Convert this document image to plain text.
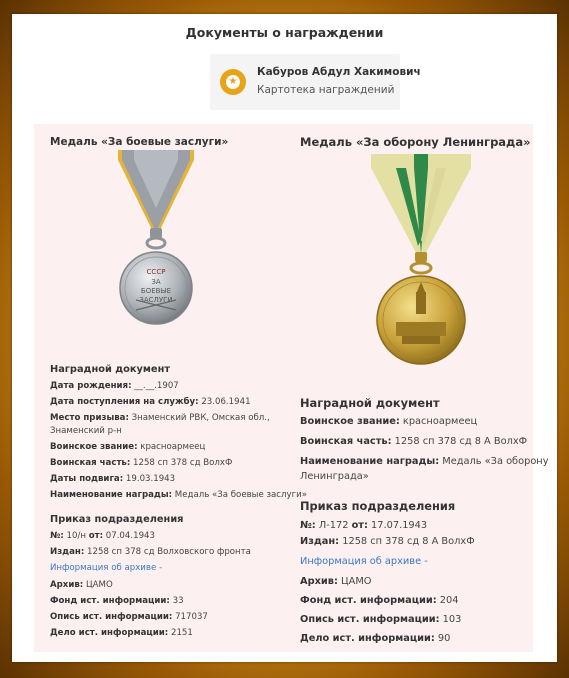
Документы о награждении
★
Кабуров Абдул Хакимович
Картотека награждений
Медаль «За боевые заслуги»
СССР
ЗА
БОЕВЫЕ
ЗАСЛУГИ
Наградной документ
Дата рождения: __.__.1907
Дата поступления на службу: 23.06.1941
Место призыва: Знаменский РВК, Омская обл.,
Знаменский р-н
Воинское звание: красноармеец
Воинская часть: 1258 сп 378 сд ВолхФ
Даты подвига: 19.03.1943
Наименование награды: Медаль «За боевые заслуги»
Приказ подразделения
№: 10/н от: 07.04.1943
Издан: 1258 сп 378 сд Волховского фронта
Информация об архиве -
Архив: ЦАМО
Фонд ист. информации: 33
Опись ист. информации: 717037
Дело ист. информации: 2151
Медаль «За оборону Ленинграда»
Наградной документ
Воинское звание: красноармеец
Воинская часть: 1258 сп 378 сд 8 А ВолхФ
Наименование награды: Медаль «За оборону
Ленинграда»
Приказ подразделения
№: Л-172 от: 17.07.1943
Издан: 1258 сп 378 сд 8 А ВолхФ
Информация об архиве -
Архив: ЦАМО
Фонд ист. информации: 204
Опись ист. информации: 103
Дело ист. информации: 90
